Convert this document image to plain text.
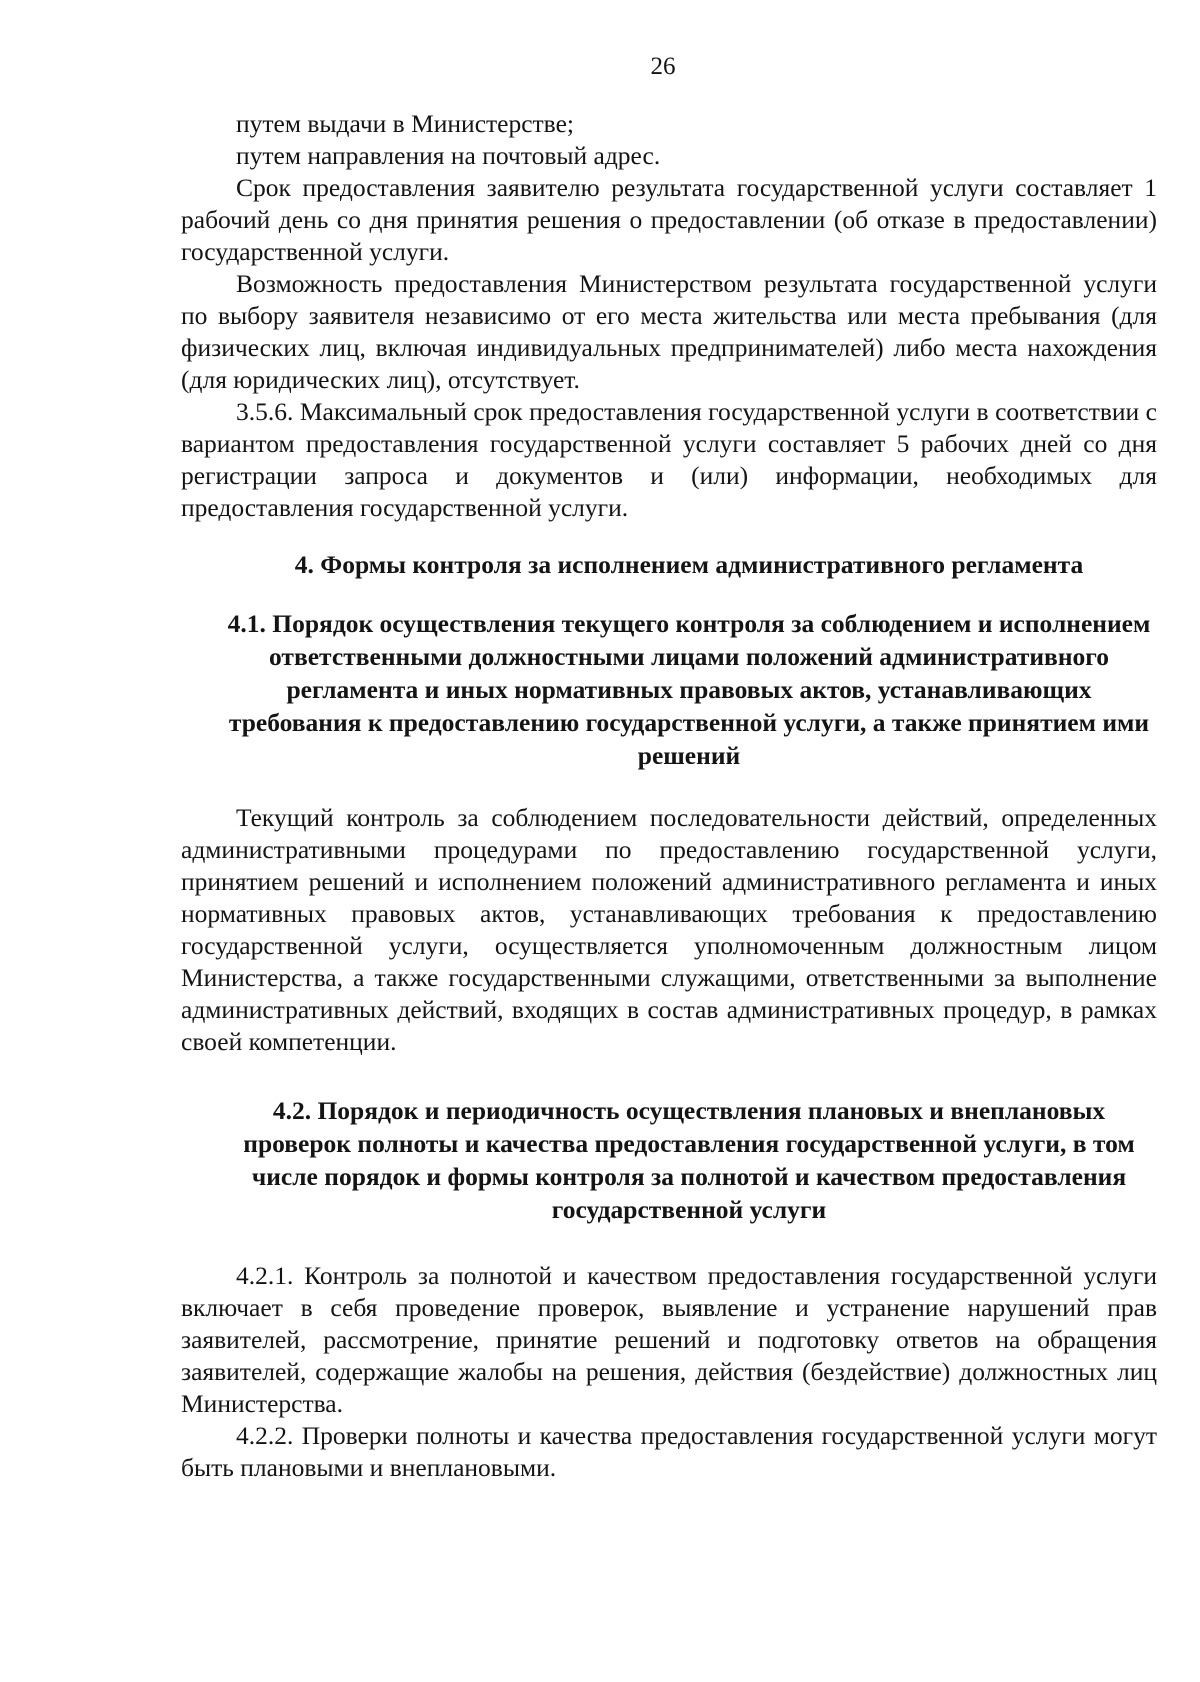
26

путем выдачи в Министерстве;

путем направления на почтовый адрес.

Срок предоставления заявителю результата государственной услуги составляет 1 рабочий день со дня принятия решения о предоставлении (об отказе в предоставлении) государственной услуги.

Возможность предоставления Министерством результата государственной услуги по выбору заявителя независимо от его места жительства или места пребывания (для физических лиц, включая индивидуальных предпринимателей) либо места нахождения (для юридических лиц), отсутствует.

3.5.6. Максимальный срок предоставления государственной услуги в соответствии с вариантом предоставления государственной услуги составляет 5 рабочих дней со дня регистрации запроса и документов и (или) информации, необходимых для предоставления государственной услуги.

4. Формы контроля за исполнением административного регламента

4.1. Порядок осуществления текущего контроля за соблюдением и исполнением ответственными должностными лицами положений административного регламента и иных нормативных правовых актов, устанавливающих требования к предоставлению государственной услуги, а также принятием ими решений

Текущий контроль за соблюдением последовательности действий, определенных административными процедурами по предоставлению государственной услуги, принятием решений и исполнением положений административного регламента и иных нормативных правовых актов, устанавливающих требования к предоставлению государственной услуги, осуществляется уполномоченным должностным лицом Министерства, а также государственными служащими, ответственными за выполнение административных действий, входящих в состав административных процедур, в рамках своей компетенции.

4.2. Порядок и периодичность осуществления плановых и внеплановых проверок полноты и качества предоставления государственной услуги, в том числе порядок и формы контроля за полнотой и качеством предоставления государственной услуги

4.2.1. Контроль за полнотой и качеством предоставления государственной услуги включает в себя проведение проверок, выявление и устранение нарушений прав заявителей, рассмотрение, принятие решений и подготовку ответов на обращения заявителей, содержащие жалобы на решения, действия (бездействие) должностных лиц Министерства.

4.2.2. Проверки полноты и качества предоставления государственной услуги могут быть плановыми и внеплановыми.
